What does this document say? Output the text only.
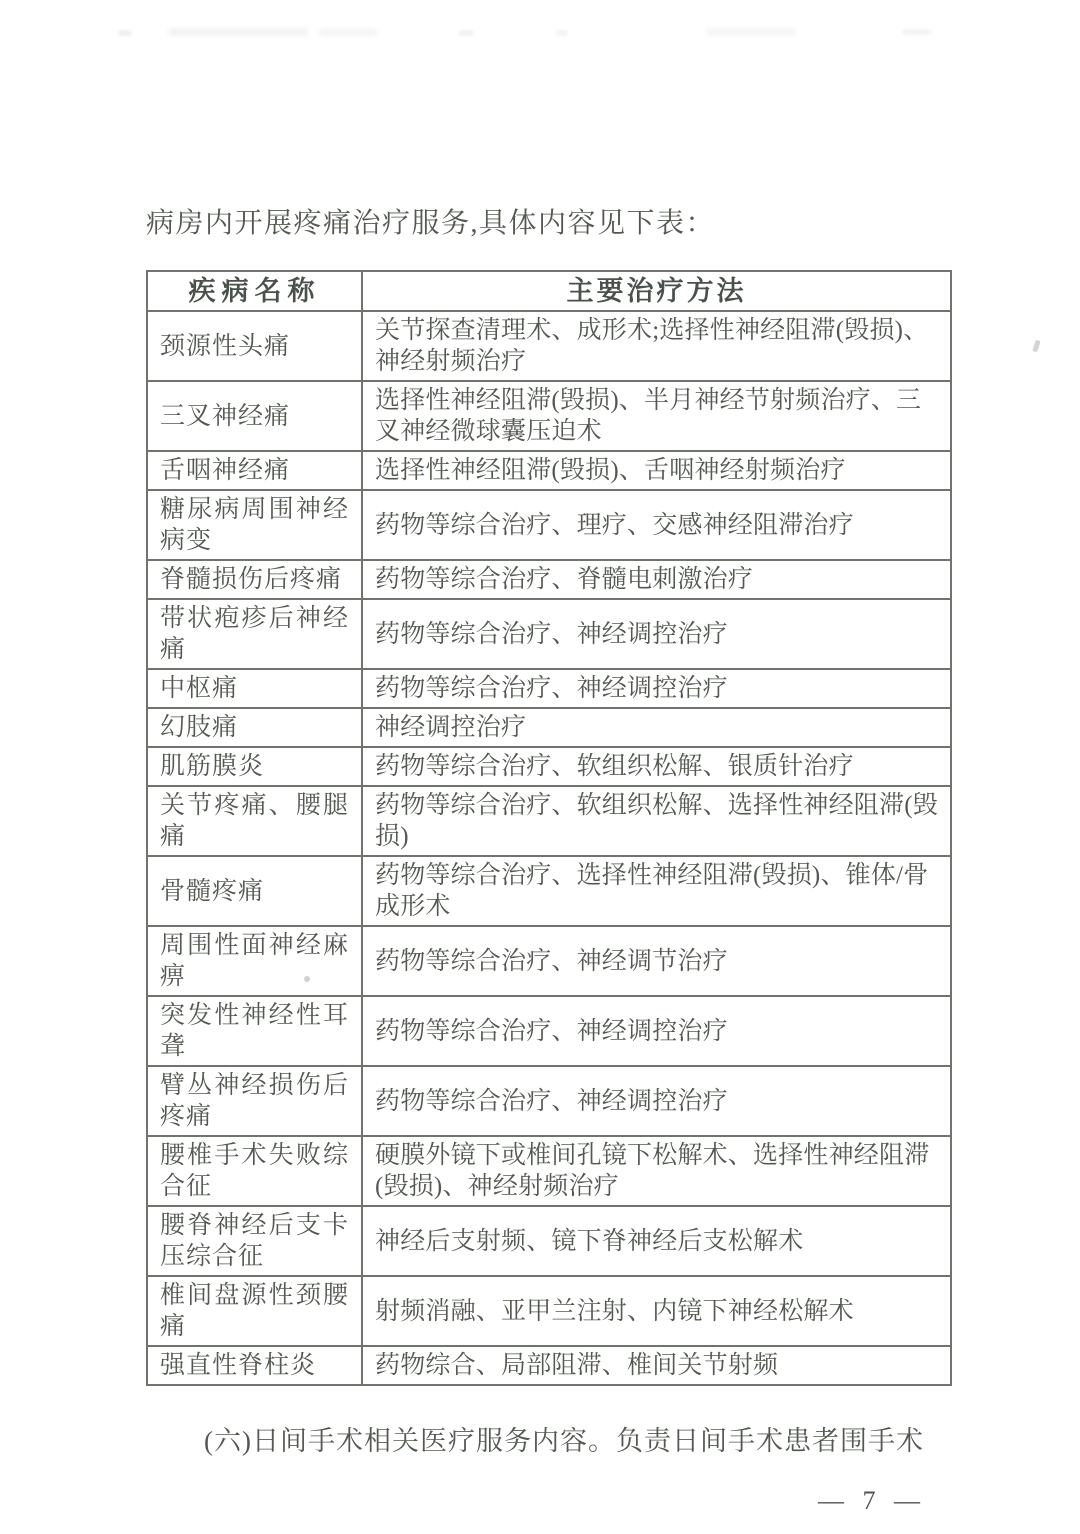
病房内开展疼痛治疗服务,具体内容见下表：
疾病名称	主要治疗方法
颈源性头痛	关节探查清理术、成形术;选择性神经阻滞(毁损)、神经射频治疗
三叉神经痛	选择性神经阻滞(毁损)、半月神经节射频治疗、三叉神经微球囊压迫术
舌咽神经痛	选择性神经阻滞(毁损)、舌咽神经射频治疗
糖尿病周围神经病变	药物等综合治疗、理疗、交感神经阻滞治疗
脊髓损伤后疼痛	药物等综合治疗、脊髓电刺激治疗
带状疱疹后神经痛	药物等综合治疗、神经调控治疗
中枢痛	药物等综合治疗、神经调控治疗
幻肢痛	神经调控治疗
肌筋膜炎	药物等综合治疗、软组织松解、银质针治疗
关节疼痛、腰腿痛	药物等综合治疗、软组织松解、选择性神经阻滞(毁损)
骨髓疼痛	药物等综合治疗、选择性神经阻滞(毁损)、锥体/骨成形术
周围性面神经麻痹	药物等综合治疗、神经调节治疗
突发性神经性耳聋	药物等综合治疗、神经调控治疗
臂丛神经损伤后疼痛	药物等综合治疗、神经调控治疗
腰椎手术失败综合征	硬膜外镜下或椎间孔镜下松解术、选择性神经阻滞(毁损)、神经射频治疗
腰脊神经后支卡压综合征	神经后支射频、镜下脊神经后支松解术
椎间盘源性颈腰痛	射频消融、亚甲兰注射、内镜下神经松解术
强直性脊柱炎	药物综合、局部阻滞、椎间关节射频
(六)日间手术相关医疗服务内容。负责日间手术患者围手术
— 7 —
